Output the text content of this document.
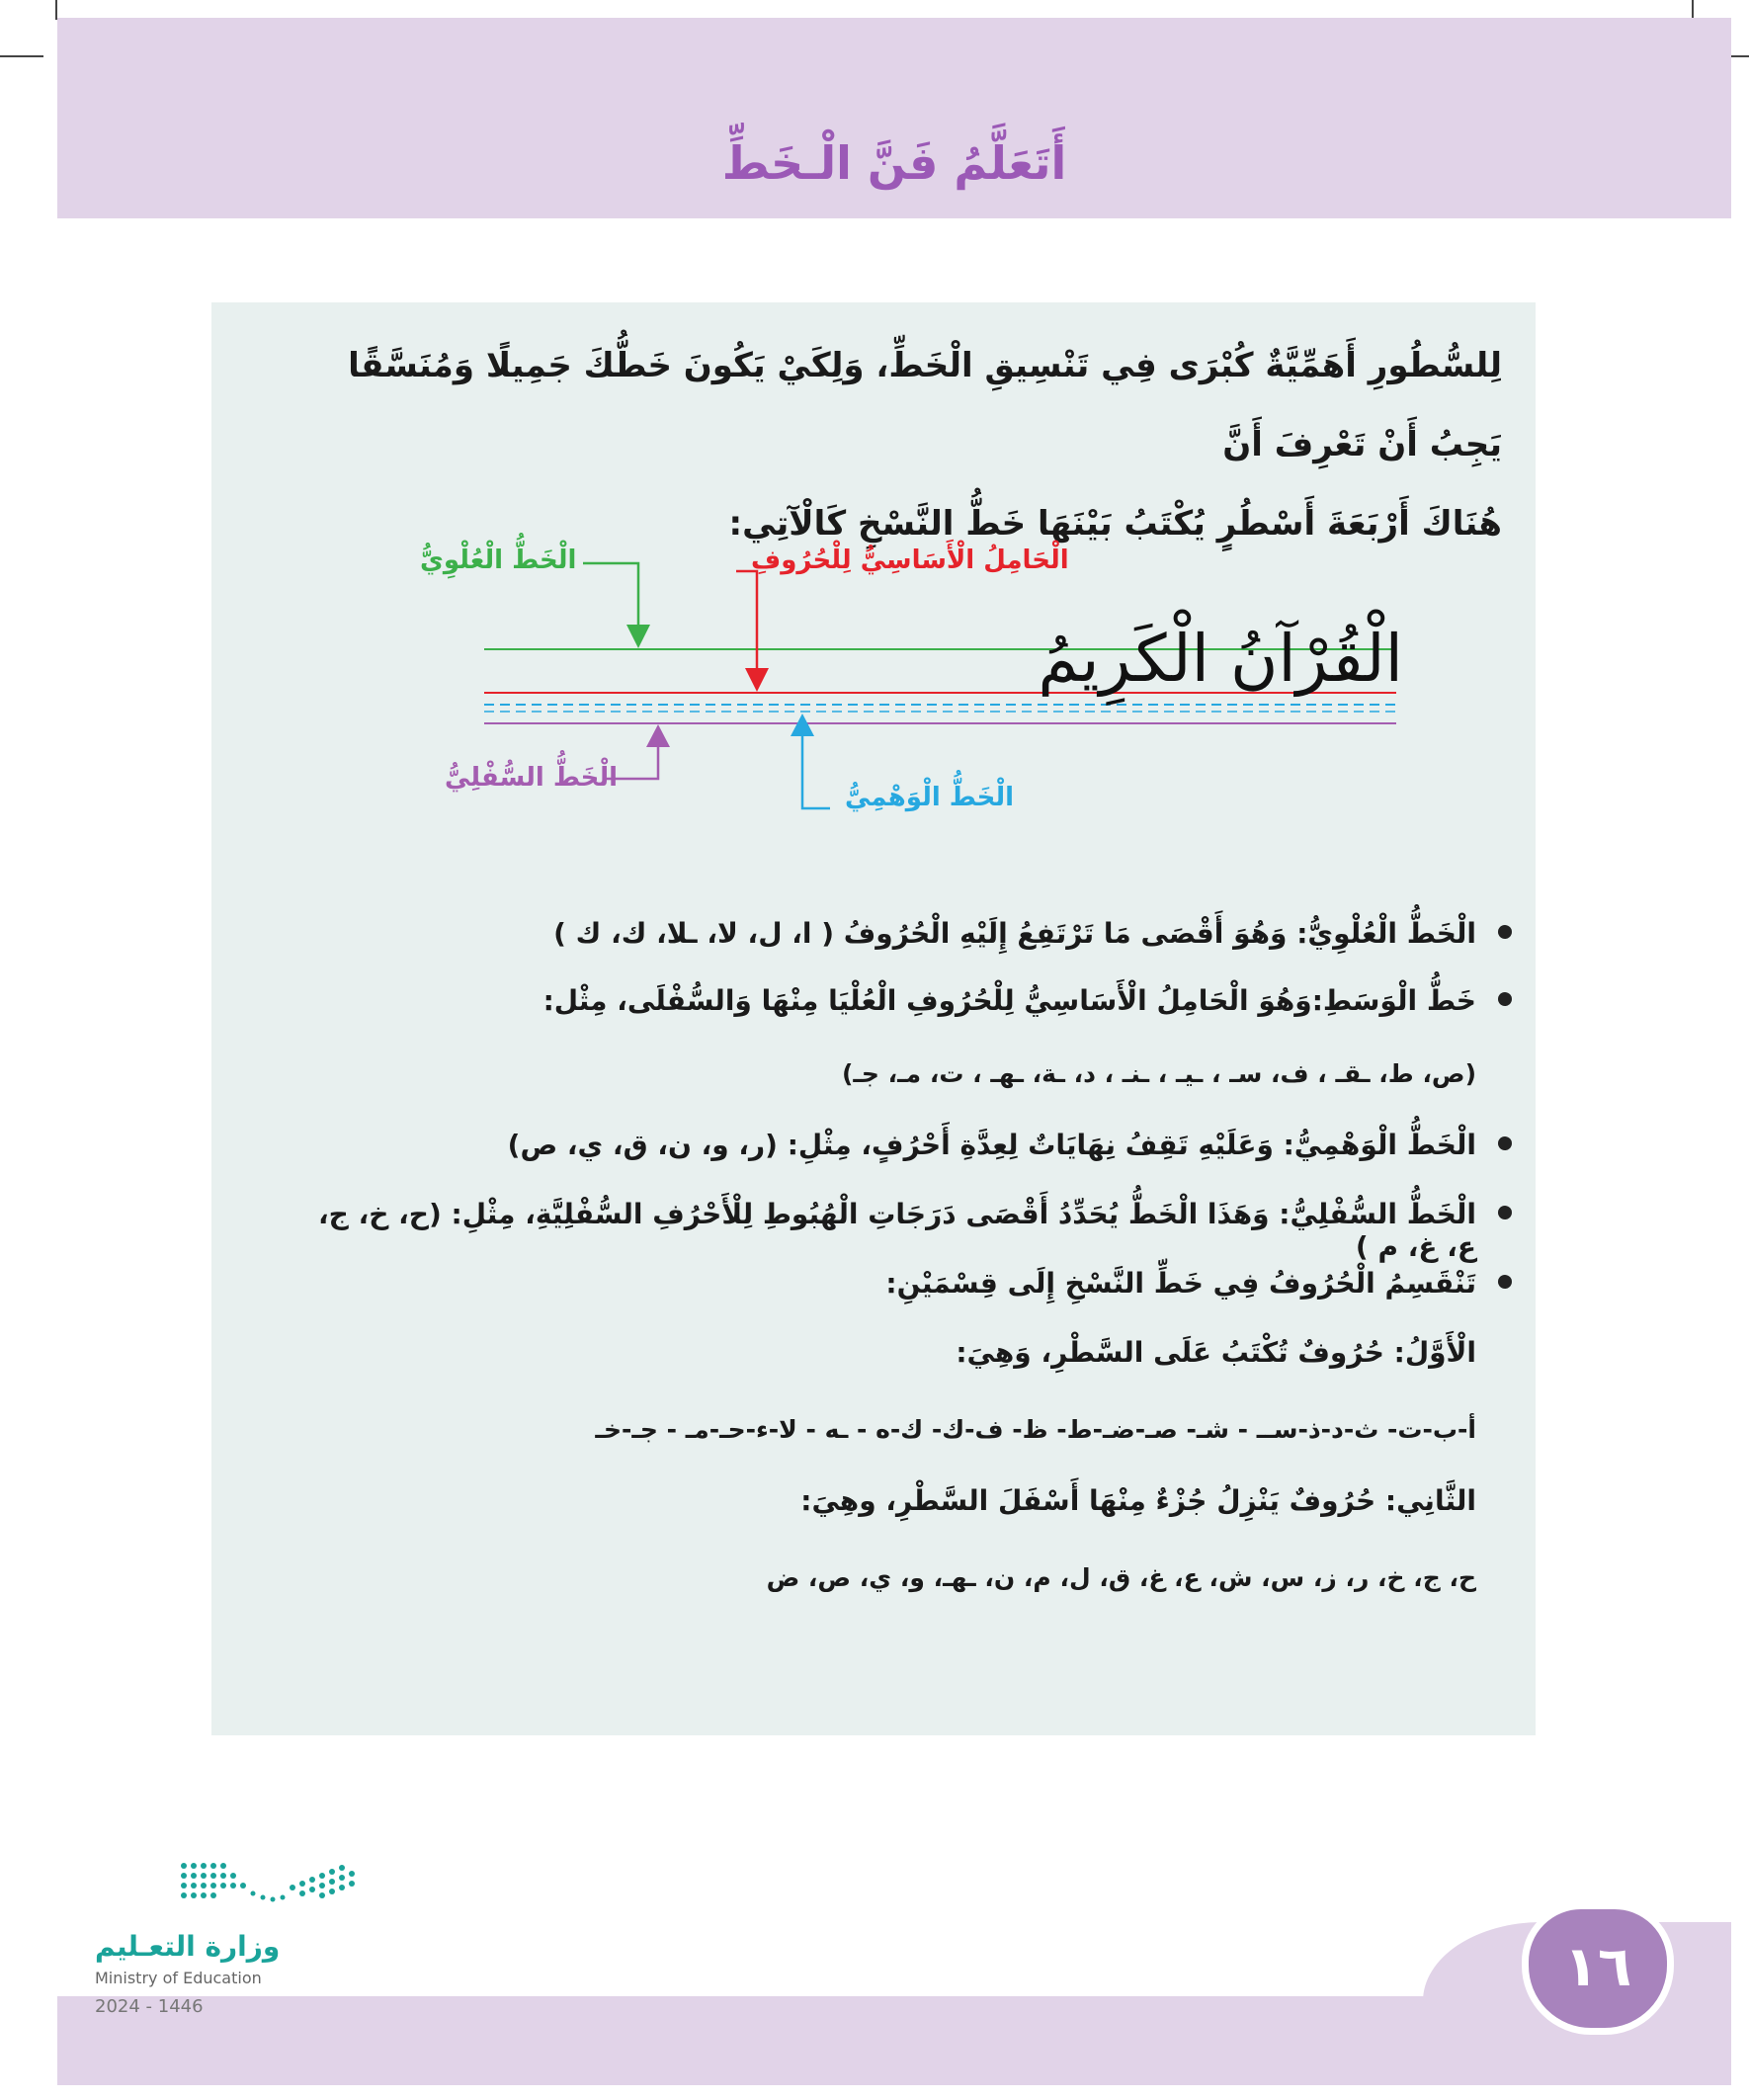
أَتَعَلَّمُ فَنَّ الْـخَطِّ

لِلسُّطُورِ أَهَمِّيَّةٌ كُبْرَى فِي تَنْسِيقِ الْخَطِّ، وَلِكَيْ يَكُونَ خَطُّكَ جَمِيلًا وَمُنَسَّقًا يَجِبُ أَنْ تَعْرِفَ أَنَّ

هُنَاكَ أَرْبَعَةَ أَسْطُرٍ يُكْتَبُ بَيْنَهَا خَطُّ النَّسْخِ كَالْآتِي:

الْخَطُّ الْعُلْوِيُّ	الْحَامِلُ الْأَسَاسِيُّ لِلْحُرُوفِ
الْخَطُّ السُّفْلِيُّ
الْخَطُّ الْوَهْمِيُّ
الْقُرْآنُ الْكَرِيمُ
الْخَطُّ الْعُلْوِيُّ: وَهُوَ أَقْصَى مَا تَرْتَفِعُ إِلَيْهِ الْحُرُوفُ ( ا، ل، لا، ـلا، ك، ك )
خَطُّ الْوَسَطِ:وَهُوَ الْحَامِلُ الْأَسَاسِيُّ لِلْحُرُوفِ الْعُلْيَا مِنْهَا وَالسُّفْلَى، مِثْل:
(ص، ط، ـقـ ، ف، سـ ، ـيـ ، ـنـ ، د، ـة، ـهـ ، ت، مـ، جـ)
الْخَطُّ الْوَهْمِيُّ: وَعَلَيْهِ تَقِفُ نِهَايَاتٌ لِعِدَّةِ أَحْرُفٍ، مِثْلِ: (ر، و، ن، ق، ي، ص)
الْخَطُّ السُّفْلِيُّ: وَهَذَا الْخَطُّ يُحَدِّدُ أَقْصَى دَرَجَاتِ الْهُبُوطِ لِلْأَحْرُفِ السُّفْلِيَّةِ، مِثْلِ: (ح، خ، ج، ع، غ، م )
تَنْقَسِمُ الْحُرُوفُ فِي خَطِّ النَّسْخِ إِلَى قِسْمَيْنِ:
الْأَوَّلُ: حُرُوفٌ تُكْتَبُ عَلَى السَّطْرِ، وَهِيَ:
أ-ب-ت- ث-د-ذ-ســ - شـ- صـ-ضـ-ط- ظ- ف-ك- ك-ه - ـه - لا-ء-حـ-مـ - جـ-خـ
الثَّانِي: حُرُوفٌ يَنْزِلُ جُزْءٌ مِنْهَا أَسْفَلَ السَّطْرِ، وهِيَ:
ح، ج، خ، ر، ز، س، ش، ع، غ، ق، ل، م، ن، ـهـ، و، ي، ص، ض
١٦
وزارة التعـليم
Ministry of Education
2024 - 1446
